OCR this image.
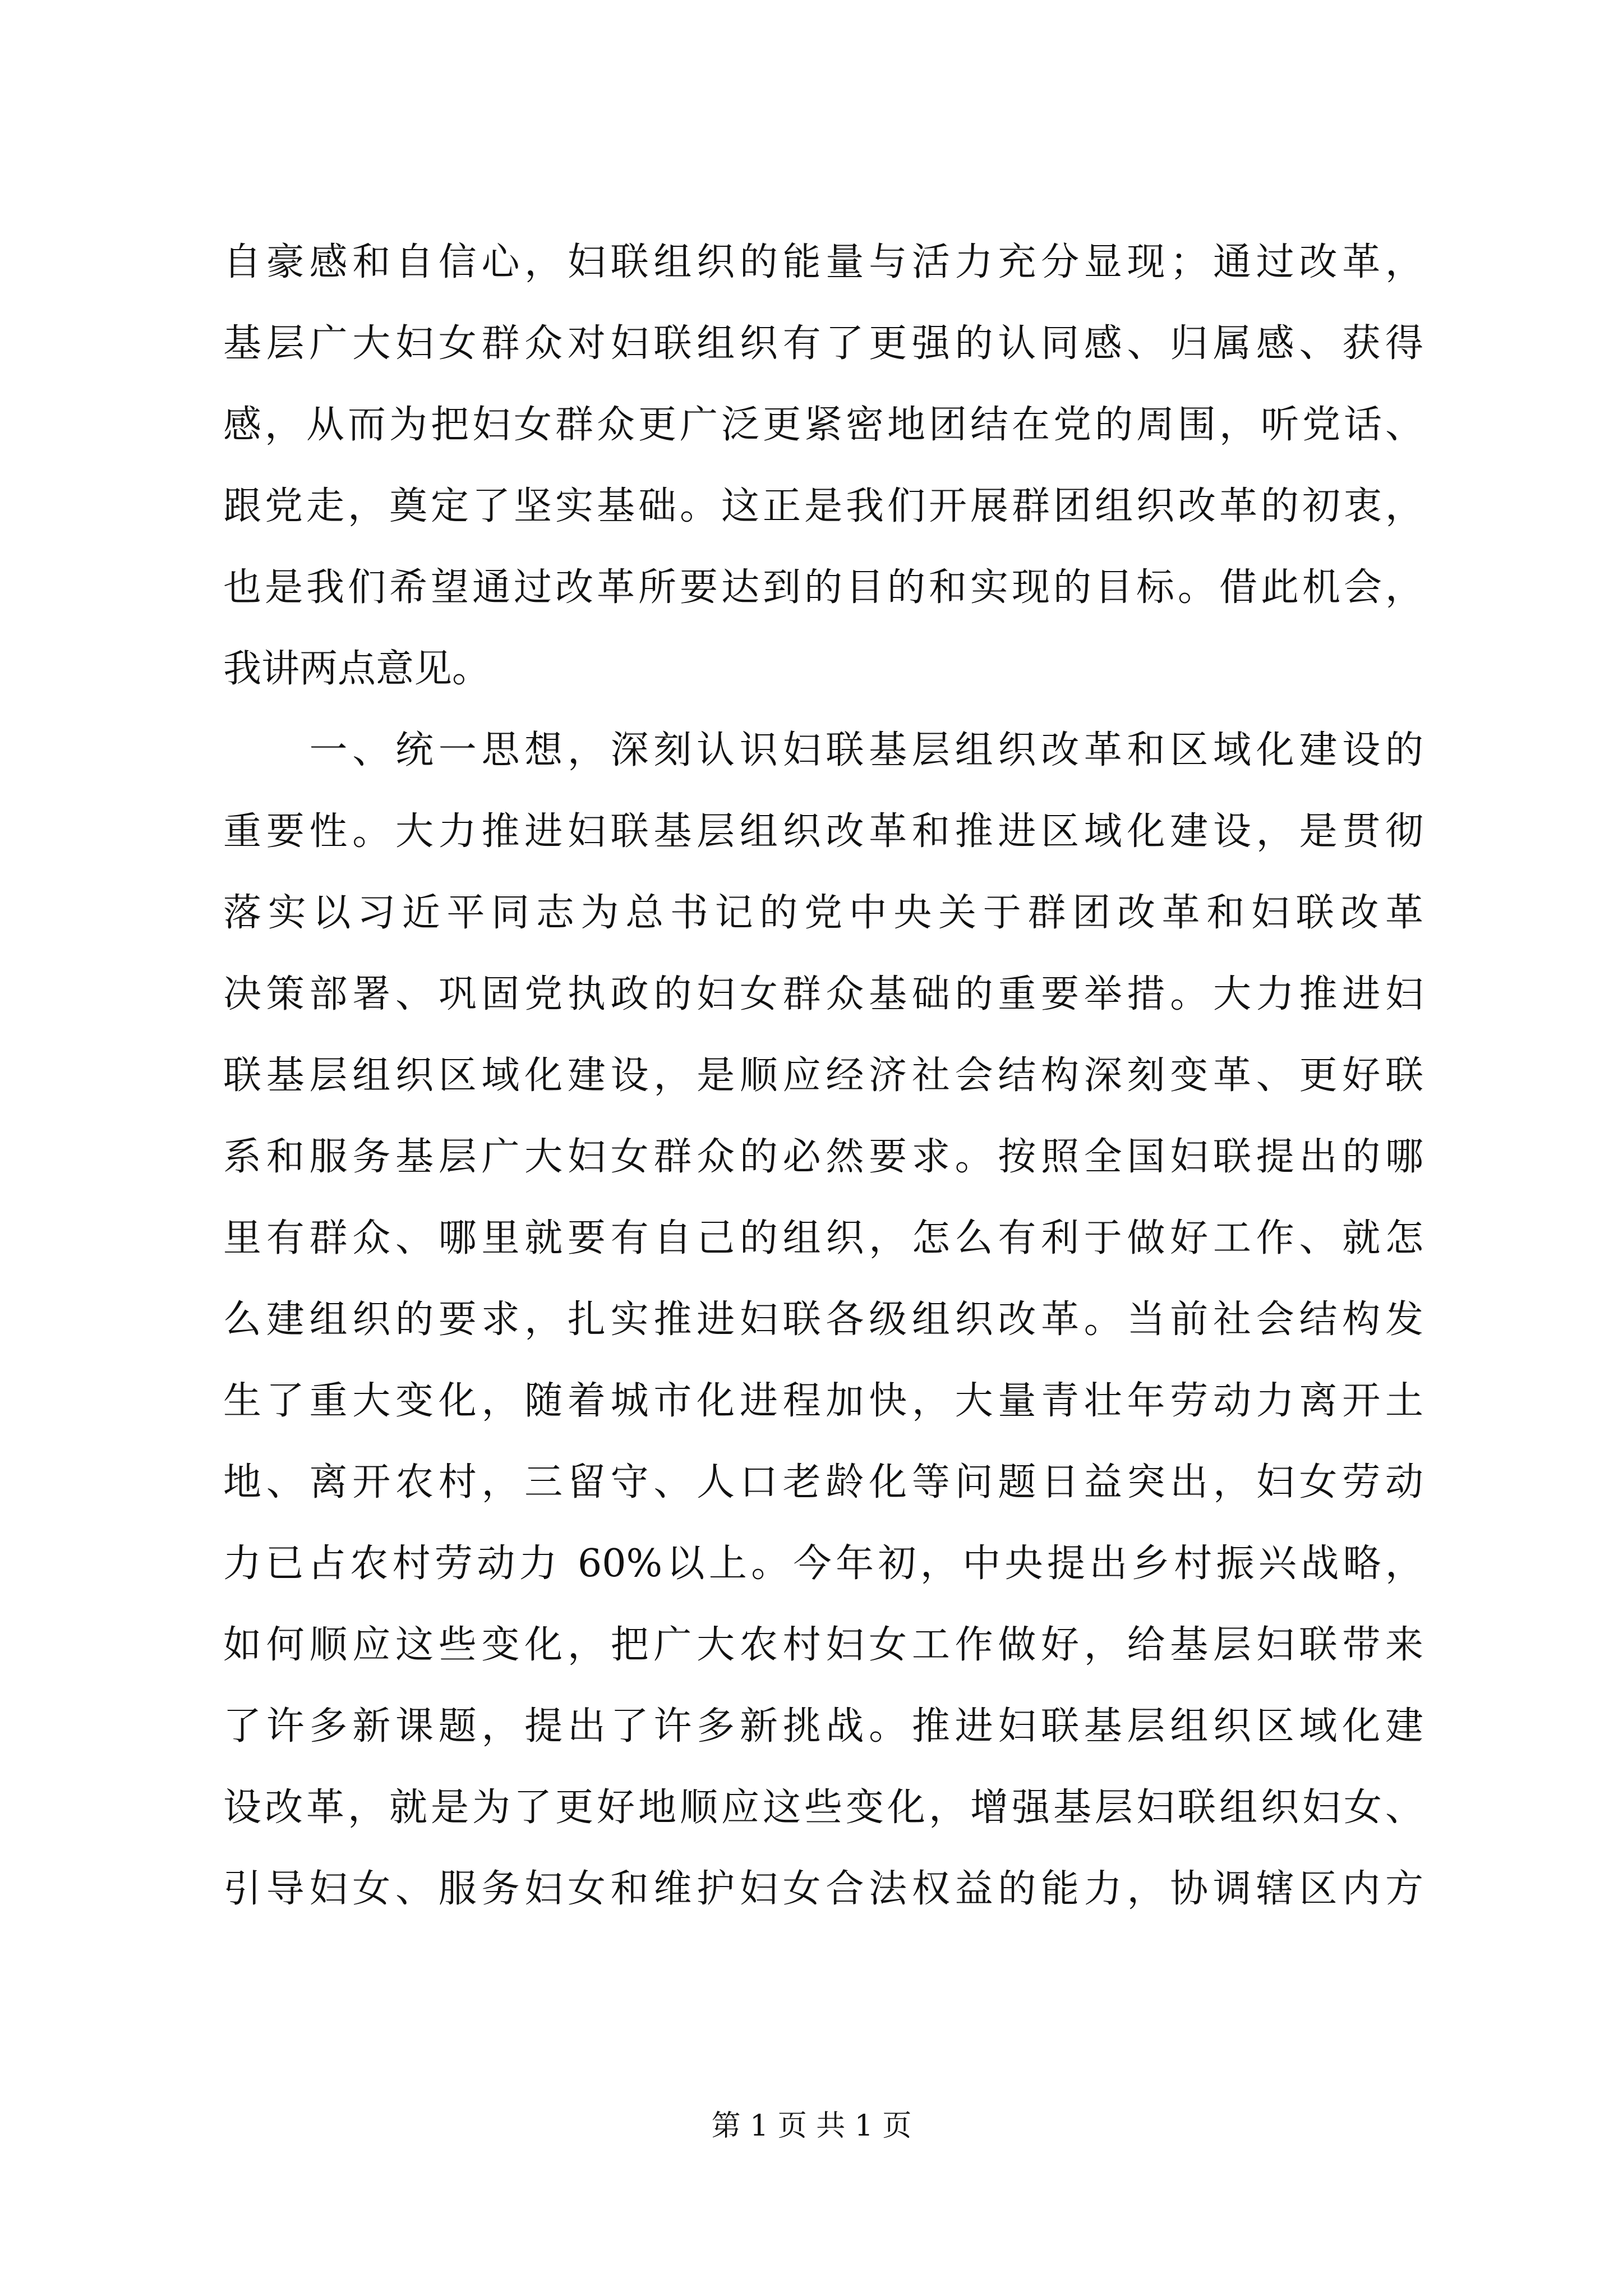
自豪感和自信心，妇联组织的能量与活力充分显现；通过改革，
基层广大妇女群众对妇联组织有了更强的认同感、归属感、获得
感，从而为把妇女群众更广泛更紧密地团结在党的周围，听党话、
跟党走，奠定了坚实基础。这正是我们开展群团组织改革的初衷，
也是我们希望通过改革所要达到的目的和实现的目标。借此机会，
我讲两点意见。
　　一、统一思想，深刻认识妇联基层组织改革和区域化建设的
重要性。大力推进妇联基层组织改革和推进区域化建设，是贯彻
落实以习近平同志为总书记的党中央关于群团改革和妇联改革
决策部署、巩固党执政的妇女群众基础的重要举措。大力推进妇
联基层组织区域化建设，是顺应经济社会结构深刻变革、更好联
系和服务基层广大妇女群众的必然要求。按照全国妇联提出的哪
里有群众、哪里就要有自己的组织，怎么有利于做好工作、就怎
么建组织的要求，扎实推进妇联各级组织改革。当前社会结构发
生了重大变化，随着城市化进程加快，大量青壮年劳动力离开土
地、离开农村，三留守、人口老龄化等问题日益突出，妇女劳动
力已占农村劳动力 60%以上。今年初，中央提出乡村振兴战略，
如何顺应这些变化，把广大农村妇女工作做好，给基层妇联带来
了许多新课题，提出了许多新挑战。推进妇联基层组织区域化建
设改革，就是为了更好地顺应这些变化，增强基层妇联组织妇女、
引导妇女、服务妇女和维护妇女合法权益的能力，协调辖区内方
第 1 页 共 1 页
